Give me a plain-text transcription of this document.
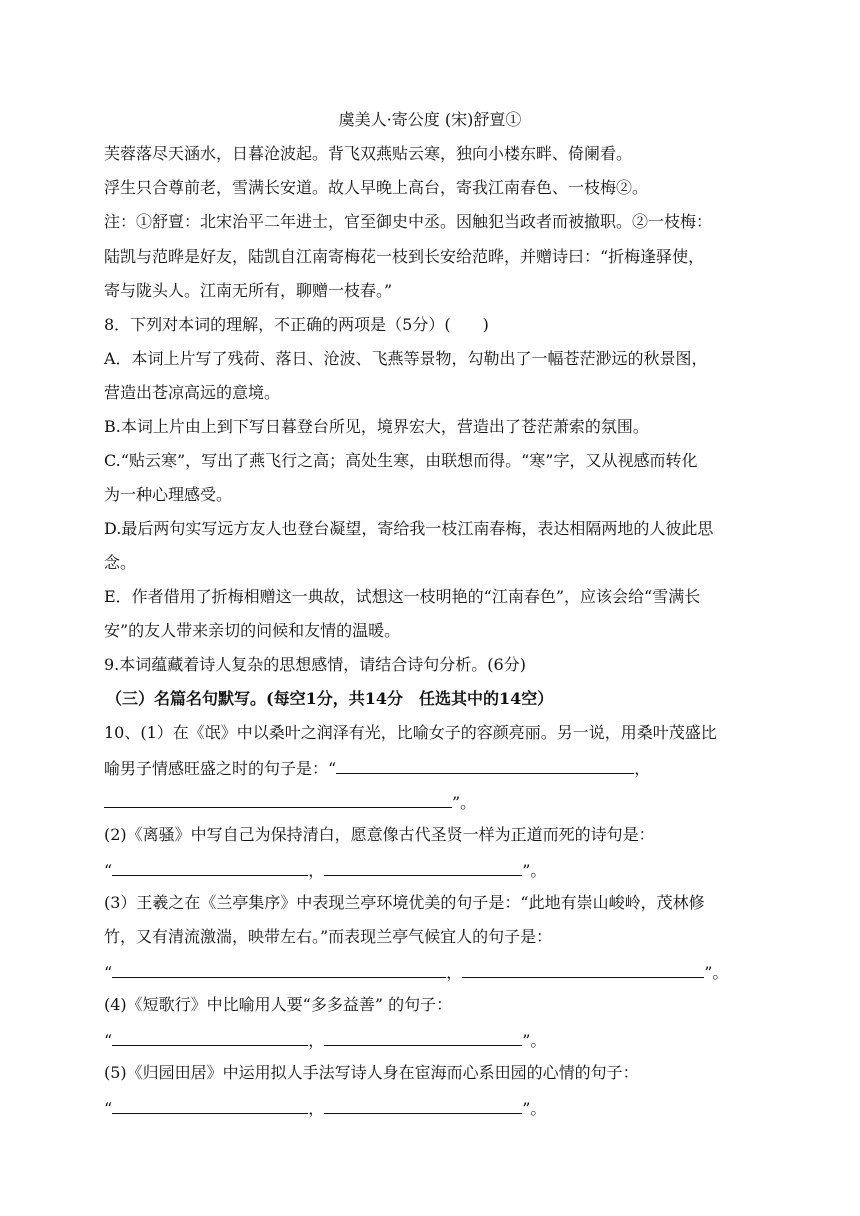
虞美人·寄公度 (宋)舒亶①
芙蓉落尽天涵水，日暮沧波起。背飞双燕贴云寒，独向小楼东畔、倚阑看。
浮生只合尊前老，雪满长安道。故人早晚上高台，寄我江南春色、一枝梅②。
注：①舒亶：北宋治平二年进士，官至御史中丞。因触犯当政者而被撤职。②一枝梅：
陆凯与范晔是好友，陆凯自江南寄梅花一枝到长安给范晔，并赠诗曰：“折梅逢驿使，
寄与陇头人。江南无所有，聊赠一枝春。”
8．下列对本词的理解，不正确的两项是（5分）(　　)
A．本词上片写了残荷、落日、沧波、飞燕等景物，勾勒出了一幅苍茫渺远的秋景图，
营造出苍凉高远的意境。
B.本词上片由上到下写日暮登台所见，境界宏大，营造出了苍茫萧索的氛围。
C.“贴云寒”，写出了燕飞行之高；高处生寒，由联想而得。“寒”字，又从视感而转化
为一种心理感受。
D.最后两句实写远方友人也登台凝望，寄给我一枝江南春梅，表达相隔两地的人彼此思
念。
E．作者借用了折梅相赠这一典故，试想这一枝明艳的“江南春色”，应该会给“雪满长
安”的友人带来亲切的问候和友情的温暖。
9.本词蕴藏着诗人复杂的思想感情，请结合诗句分析。(6分)
（三）名篇名句默写。(每空1分，共14分　任选其中的14空）
10、(1）在《氓》中以桑叶之润泽有光，比喻女子的容颜亮丽。另一说，用桑叶茂盛比
喻男子情感旺盛之时的句子是：“	，
”。
(2)《离骚》中写自己为保持清白，愿意像古代圣贤一样为正道而死的诗句是：
“	，	”。
(3）王羲之在《兰亭集序》中表现兰亭环境优美的句子是：“此地有崇山峻岭，茂林修
竹，又有清流激湍，映带左右。”而表现兰亭气候宜人的句子是：
“	，	”。
(4)《短歌行》中比喻用人要“多多益善” 的句子：
“	，	”。
(5)《归园田居》中运用拟人手法写诗人身在宦海而心系田园的心情的句子：
“	，	”。
